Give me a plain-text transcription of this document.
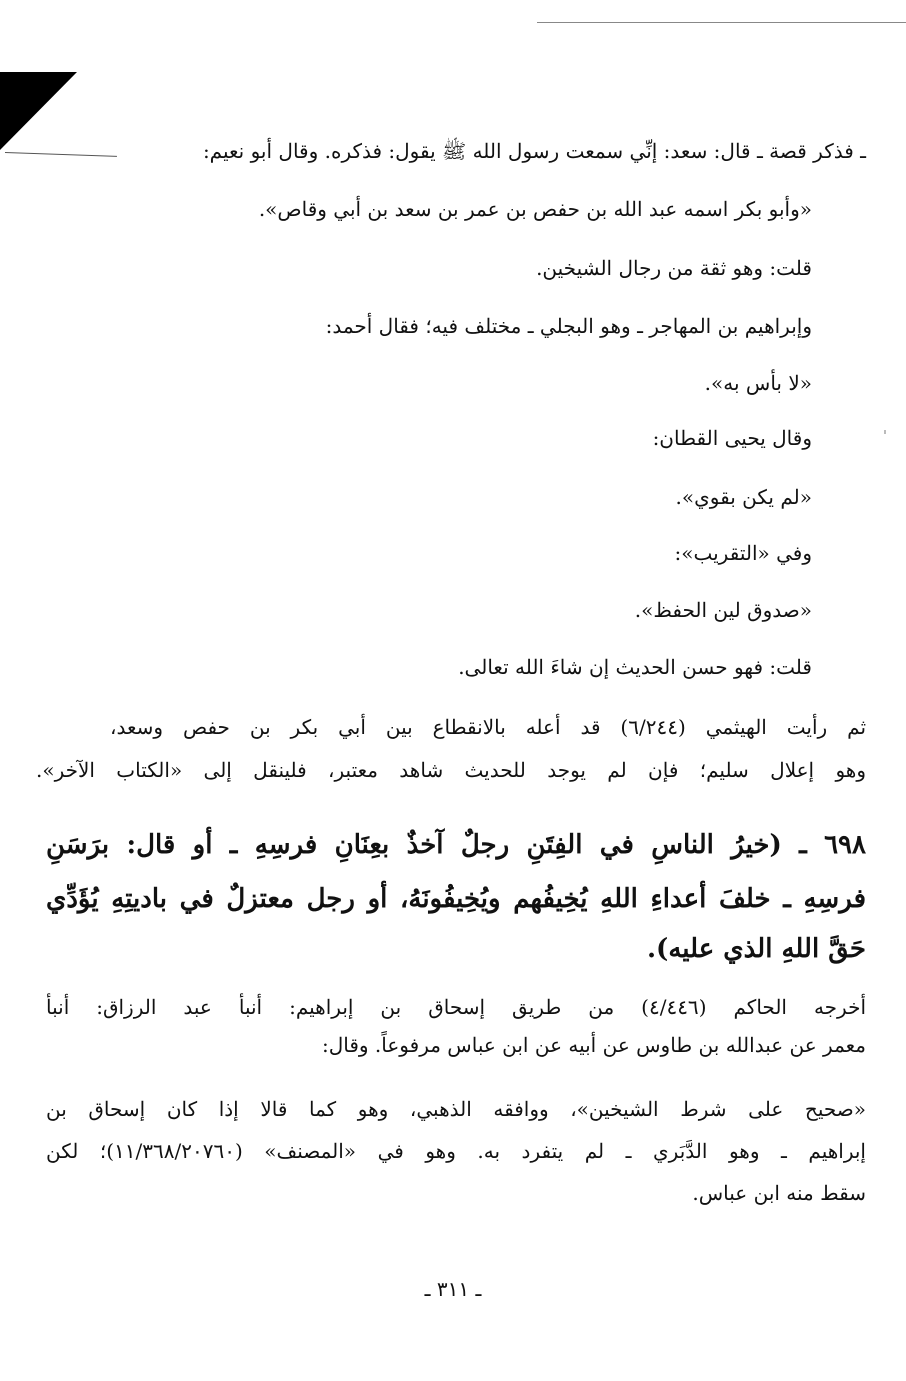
ـ فذكر قصة ـ قال: سعد: إنِّي سمعت رسول الله ﷺ يقول: فذكره. وقال أبو نعيم:
«وأبو بكر اسمه عبد الله بن حفص بن عمر بن سعد بن أبي وقاص».
قلت: وهو ثقة من رجال الشيخين.
وإبراهيم بن المهاجر ـ وهو البجلي ـ مختلف فيه؛ فقال أحمد:
«لا بأس به».
وقال يحيى القطان:
«لم يكن بقوي».
وفي «التقريب»:
«صدوق لين الحفظ».
قلت: فهو حسن الحديث إن شاءَ الله تعالى.
ثم رأيت الهيثمي (٦/٢٤٤) قد أعله بالانقطاع بين أبي بكر بن حفص وسعد،
وهو إعلال سليم؛ فإن لم يوجد للحديث شاهد معتبر، فلينقل إلى «الكتاب الآخر».
٦٩٨ ـ (خيرُ الناسِ في الفِتَنِ رجلٌ آخذٌ بعِنَانِ فرسِهِ ـ أو قال: برَسَنِ
فرسِهِ ـ خلفَ أعداءِ اللهِ يُخِيفُهم ويُخِيفُونَهُ، أو رجل معتزلٌ في باديتِهِ يُؤَدِّي
حَقَّ اللهِ الذي عليه).
أخرجه الحاكم (٤/٤٤٦) من طريق إسحاق بن إبراهيم: أنبأ عبد الرزاق: أنبأ
معمر عن عبدالله بن طاوس عن أبيه عن ابن عباس مرفوعاً. وقال:
«صحيح على شرط الشيخين»، ووافقه الذهبي، وهو كما قالا إذا كان إسحاق بن
إبراهيم ـ وهو الدَّبَري ـ لم يتفرد به. وهو في «المصنف» (١١/٣٦٨/٢٠٧٦٠)؛ لكن
سقط منه ابن عباس.
ـ ٣١١ ـ
